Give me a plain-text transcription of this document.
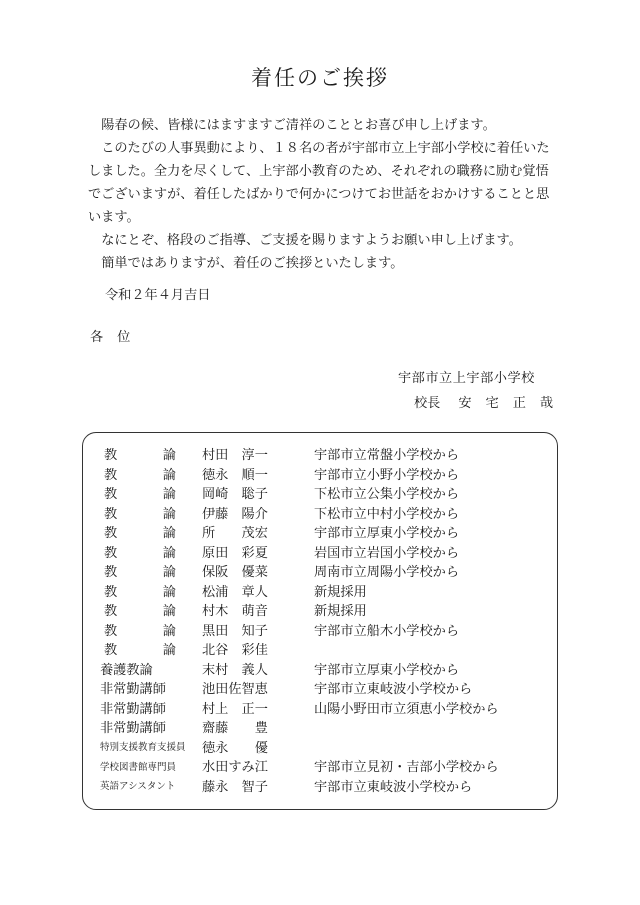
着任のご挨拶

陽春の候、皆様にはますますご清祥のこととお喜び申し上げます。

このたびの人事異動により、１８名の者が宇部市立上宇部小学校に着任いたしました。全力を尽くして、上宇部小教育のため、それぞれの職務に励む覚悟でございますが、着任したばかりで何かにつけてお世話をおかけすることと思います。

なにとぞ、格段のご指導、ご支援を賜りますようお願い申し上げます。

簡単ではありますが、着任のご挨拶といたします。

令和２年４月吉日
各位
宇部市立上宇部小学校
校長 安宅正哉
教論	村田　淳一	宇部市立常盤小学校から
教論	徳永　順一	宇部市立小野小学校から
教論	岡崎　聡子	下松市立公集小学校から
教論	伊藤　陽介	下松市立中村小学校から
教論	所　　茂宏	宇部市立厚東小学校から
教論	原田　彩夏	岩国市立岩国小学校から
教論	保阪　優菜	周南市立周陽小学校から
教論	松浦　章人	新規採用
教論	村木　萌音	新規採用
教論	黒田　知子	宇部市立船木小学校から
教論	北谷　彩佳
養護教論	末村　義人	宇部市立厚東小学校から
非常勤講師	池田佐智恵	宇部市立東岐波小学校から
非常勤講師	村上　正一	山陽小野田市立須恵小学校から
非常勤講師	齋藤　　豊
特別支援教育支援員	徳永　　優
学校図書館専門員	水田すみ江	宇部市立見初・吉部小学校から
英語アシスタント	藤永　智子	宇部市立東岐波小学校から
